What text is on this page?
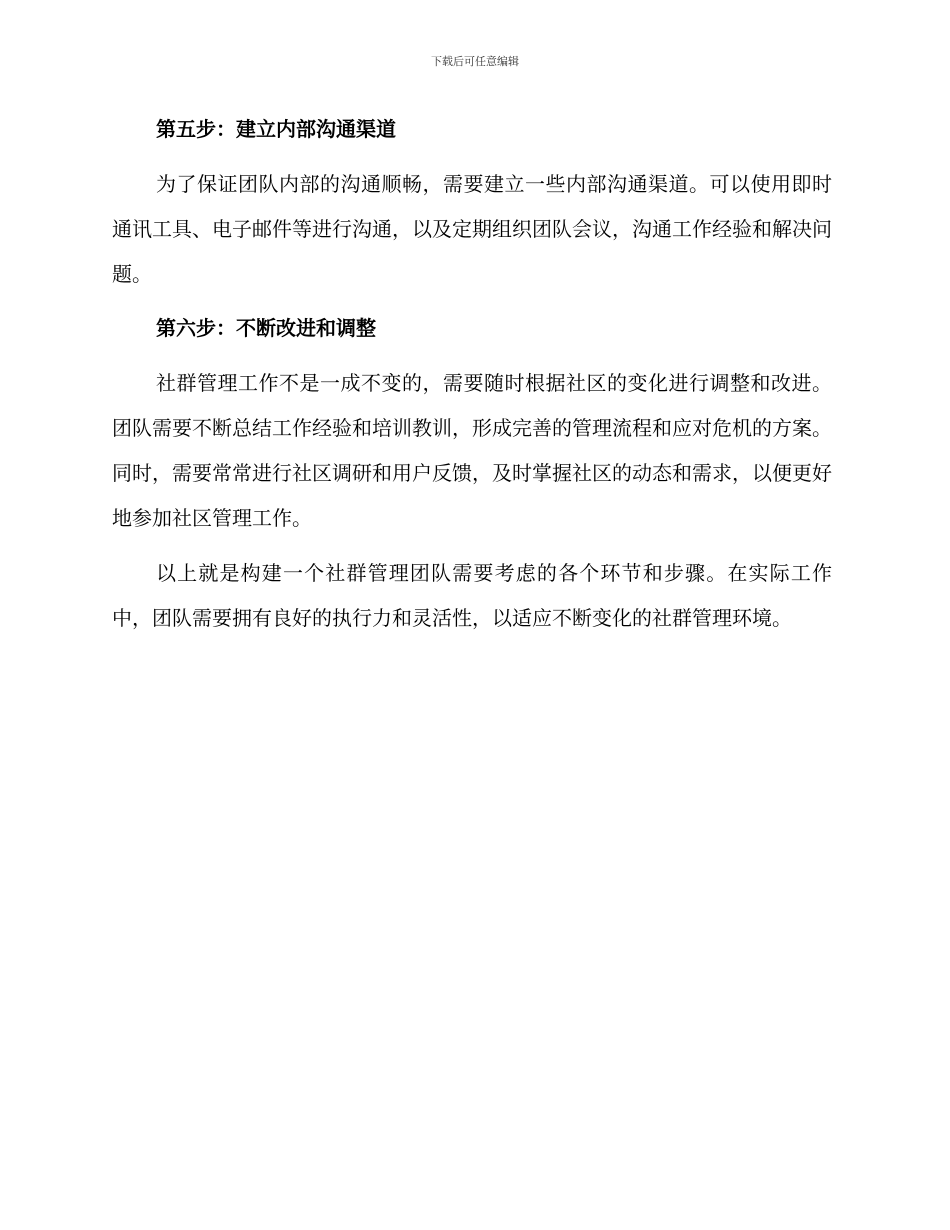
下载后可任意编辑
第五步：建立内部沟通渠道

为了保证团队内部的沟通顺畅，需要建立一些内部沟通渠道。可以使用即时通讯工具、电子邮件等进行沟通，以及定期组织团队会议，沟通工作经验和解决问题。

第六步：不断改进和调整

社群管理工作不是一成不变的，需要随时根据社区的变化进行调整和改进。团队需要不断总结工作经验和培训教训，形成完善的管理流程和应对危机的方案。同时，需要常常进行社区调研和用户反馈，及时掌握社区的动态和需求，以便更好地参加社区管理工作。

以上就是构建一个社群管理团队需要考虑的各个环节和步骤。在实际工作中，团队需要拥有良好的执行力和灵活性，以适应不断变化的社群管理环境。
